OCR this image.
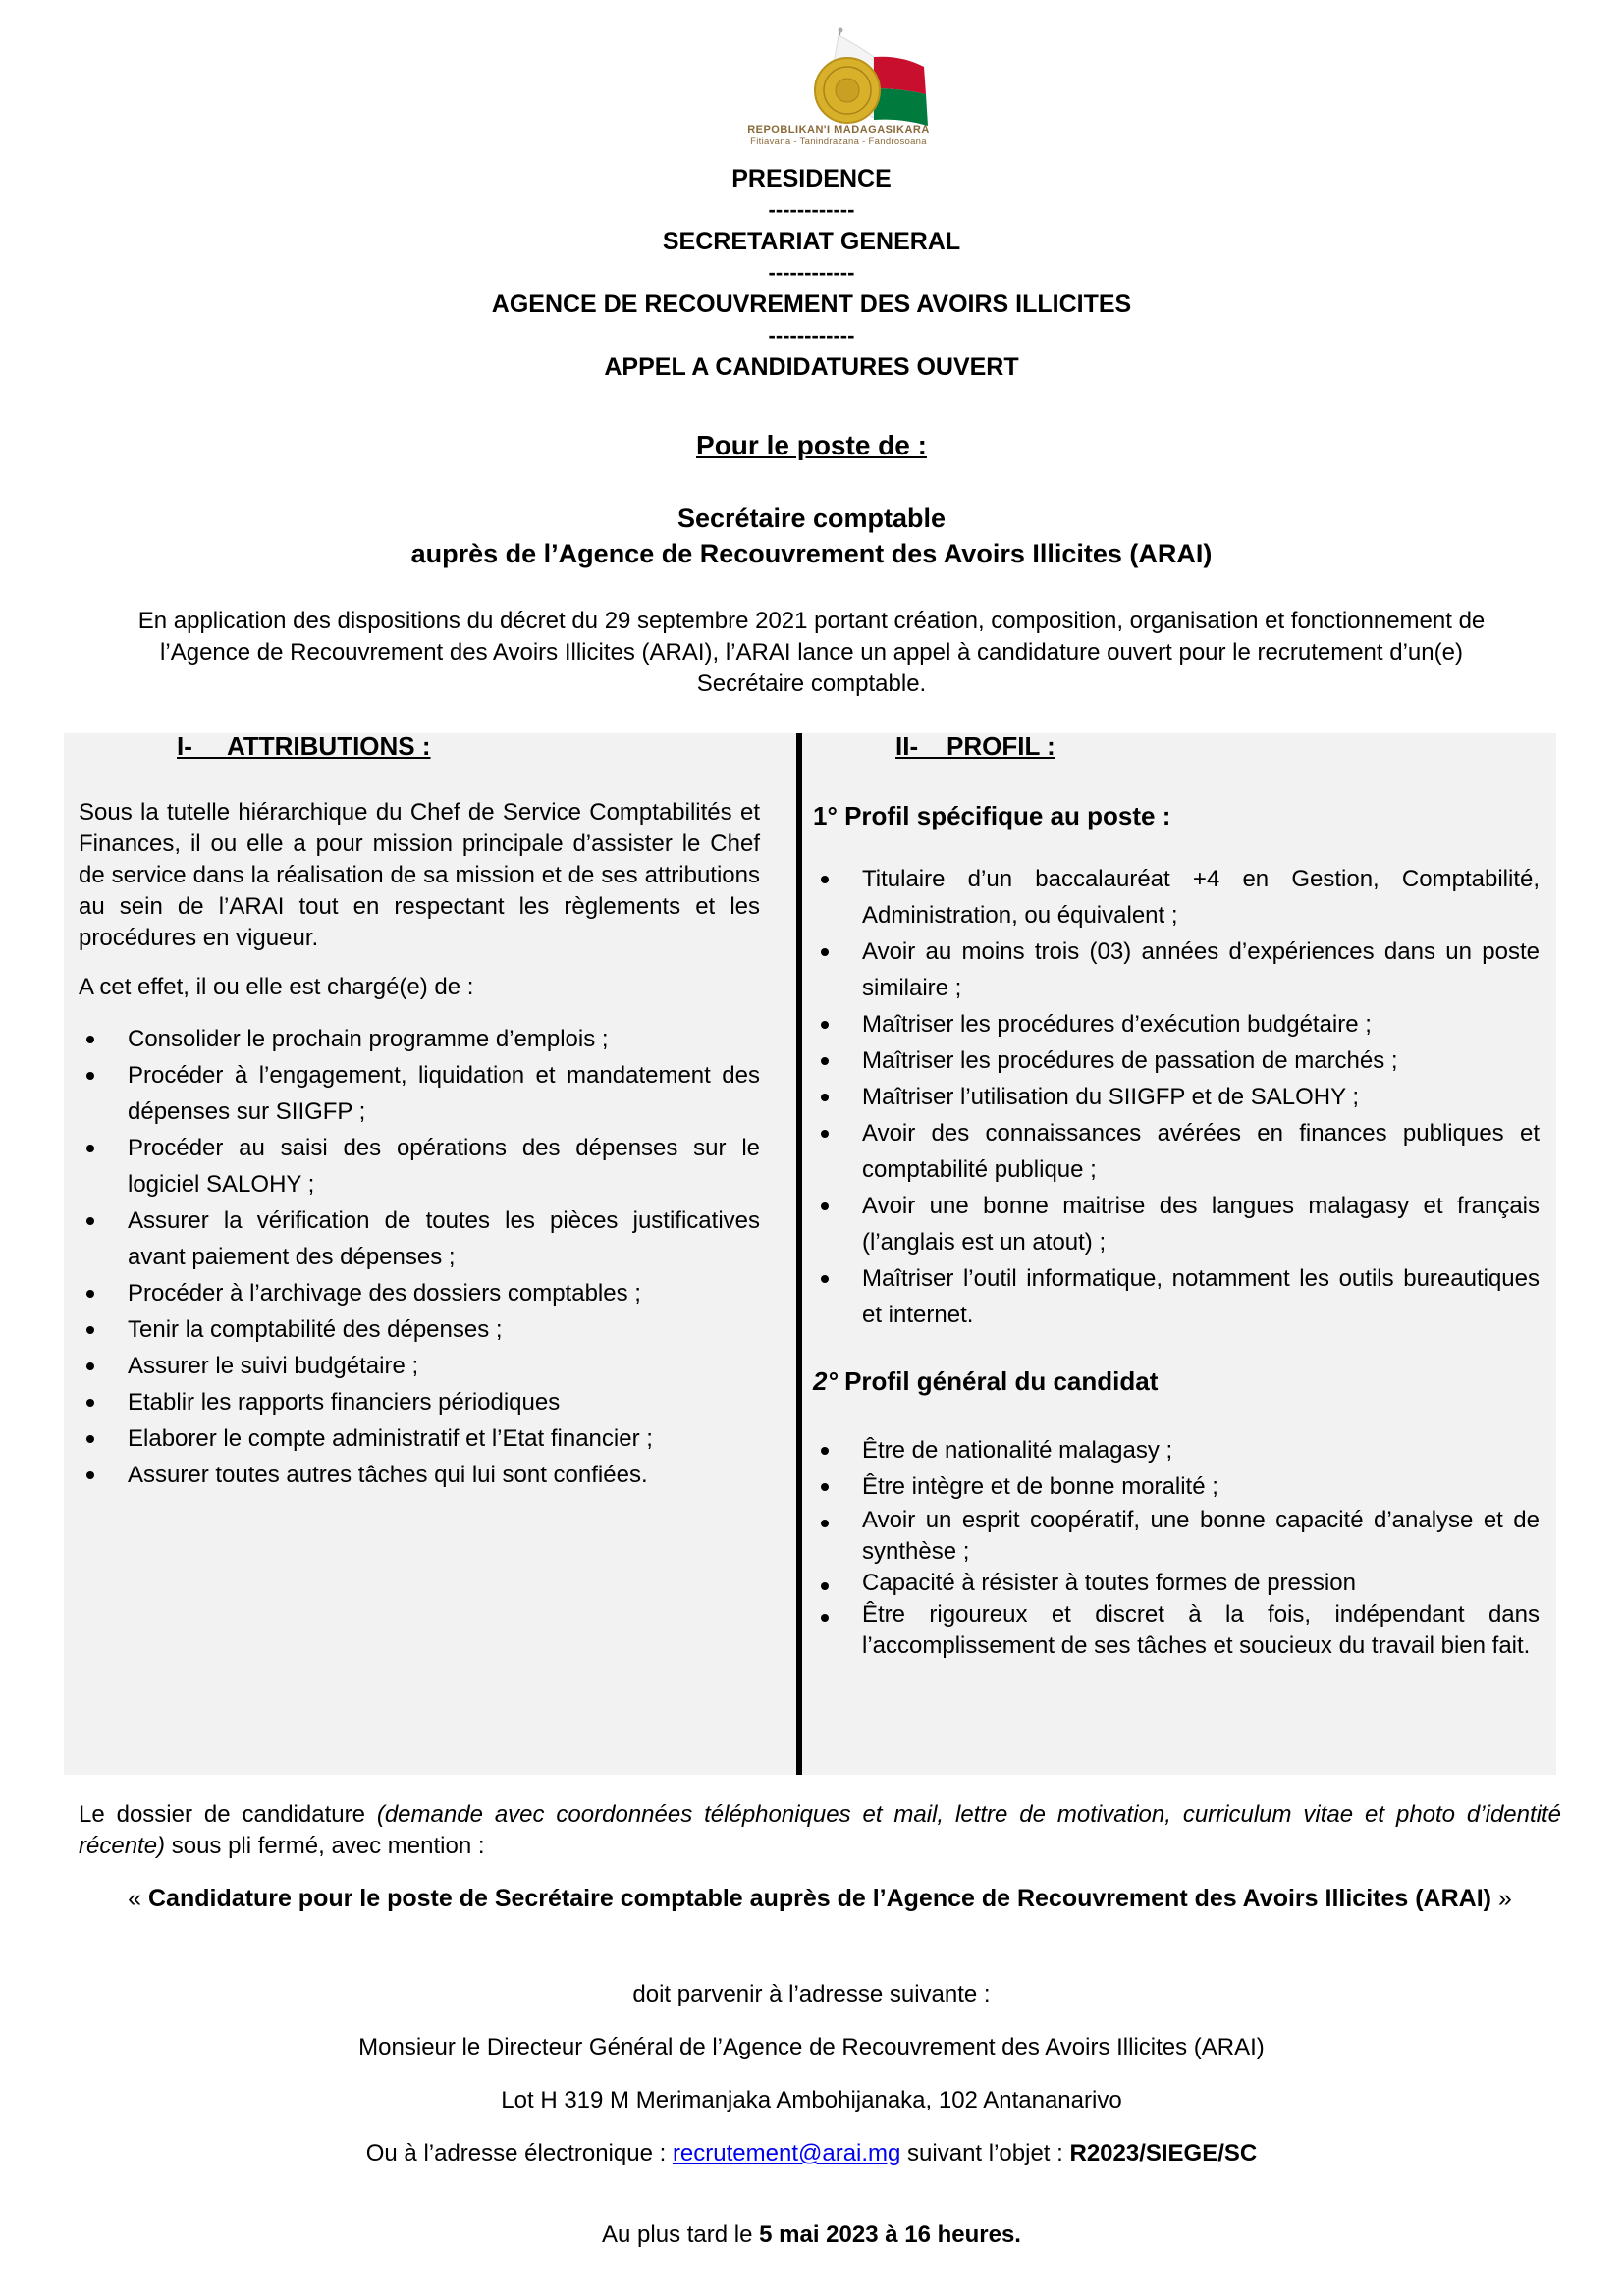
REPOBLIKAN'I MADAGASIKARA
Fitiavana - Tanindrazana - Fandrosoana
PRESIDENCE
------------
SECRETARIAT GENERAL
------------
AGENCE DE RECOUVREMENT DES AVOIRS ILLICITES
------------
APPEL A CANDIDATURES OUVERT
Pour le poste de :
Secrétaire comptable
auprès de l’Agence de Recouvrement des Avoirs Illicites (ARAI)
En application des dispositions du décret du 29 septembre 2021 portant création, composition, organisation et fonctionnement de l’Agence de Recouvrement des Avoirs Illicites (ARAI), l’ARAI lance un appel à candidature ouvert pour le recrutement d’un(e) Secrétaire comptable.
I-     ATTRIBUTIONS :
Sous la tutelle hiérarchique du Chef de Service Comptabilités et Finances, il ou elle a pour mission principale d’assister le Chef de service dans la réalisation de sa mission et de ses attributions au sein de l’ARAI tout en respectant les règlements et les procédures en vigueur.
A cet effet, il ou elle est chargé(e) de :
Consolider le prochain programme d’emplois ;
Procéder à l’engagement, liquidation et mandatement des dépenses sur SIIGFP ;
Procéder au saisi des opérations des dépenses sur le logiciel SALOHY ;
Assurer la vérification de toutes les pièces justificatives avant paiement des dépenses ;
Procéder à l’archivage des dossiers comptables ;
Tenir la comptabilité des dépenses ;
Assurer le suivi budgétaire ;
Etablir les rapports financiers périodiques
Elaborer le compte administratif et l’Etat financier ;
Assurer toutes autres tâches qui lui sont confiées.
II-    PROFIL :
1° Profil spécifique au poste :
Titulaire d’un baccalauréat +4 en Gestion, Comptabilité, Administration, ou équivalent ;
Avoir au moins trois (03) années d’expériences dans un poste similaire ;
Maîtriser les procédures d’exécution budgétaire ;
Maîtriser les procédures de passation de marchés ;
Maîtriser l’utilisation du SIIGFP et de SALOHY ;
Avoir des connaissances avérées en finances publiques et comptabilité publique ;
Avoir une bonne maitrise des langues malagasy et français (l’anglais est un atout) ;
Maîtriser l’outil informatique, notamment les outils bureautiques et internet.
2° Profil général du candidat
Être de nationalité malagasy ;
Être intègre et de bonne moralité ;
Avoir un esprit coopératif, une bonne capacité d’analyse et de synthèse ;
Capacité à résister à toutes formes de pression
Être rigoureux et discret à la fois, indépendant dans l’accomplissement de ses tâches et soucieux du travail bien fait.
Le dossier de candidature (demande avec coordonnées téléphoniques et mail, lettre de motivation, curriculum vitae et photo d’identité récente) sous pli fermé, avec mention :
« Candidature pour le poste de Secrétaire comptable auprès de l’Agence de Recouvrement des Avoirs Illicites (ARAI) »
doit parvenir à l’adresse suivante :
Monsieur le Directeur Général de l’Agence de Recouvrement des Avoirs Illicites (ARAI)
Lot H 319 M Merimanjaka Ambohijanaka, 102 Antananarivo
Ou à l’adresse électronique : recrutement@arai.mg suivant l’objet : R2023/SIEGE/SC
Au plus tard le 5 mai 2023 à 16 heures.
